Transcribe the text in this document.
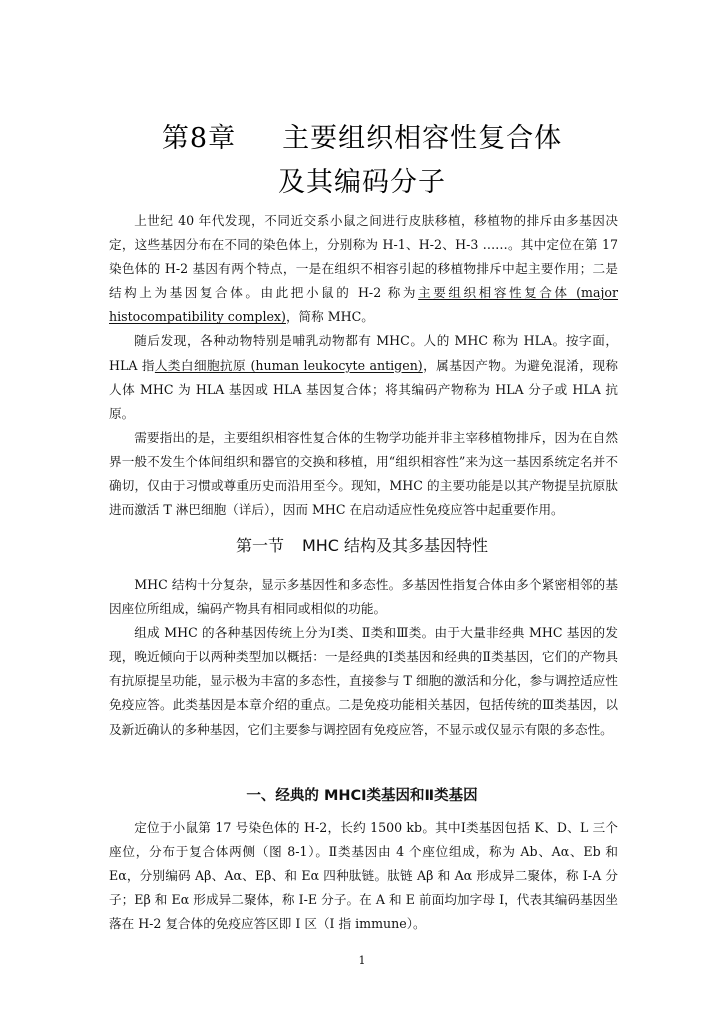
第8章 主要组织相容性复合体
及其编码分子

上世纪 40 年代发现，不同近交系小鼠之间进行皮肤移植，移植物的排斥由多基因决定，这些基因分布在不同的染色体上，分别称为 H-1、H-2、H-3 ……。其中定位在第 17 染色体的 H-2 基因有两个特点，一是在组织不相容引起的移植物排斥中起主要作用；二是结构上为基因复合体。由此把小鼠的 H-2 称为主要组织相容性复合体 (major histocompatibility complex)，简称 MHC。

随后发现，各种动物特别是哺乳动物都有 MHC。人的 MHC 称为 HLA。按字面，HLA 指人类白细胞抗原 (human leukocyte antigen)，属基因产物。为避免混淆，现称人体 MHC 为 HLA 基因或 HLA 基因复合体；将其编码产物称为 HLA 分子或 HLA 抗原。

需要指出的是，主要组织相容性复合体的生物学功能并非主宰移植物排斥，因为在自然界一般不发生个体间组织和器官的交换和移植，用“组织相容性”来为这一基因系统定名并不确切，仅由于习惯或尊重历史而沿用至今。现知，MHC 的主要功能是以其产物提呈抗原肽进而激活 T 淋巴细胞（详后），因而 MHC 在启动适应性免疫应答中起重要作用。

第一节 MHC 结构及其多基因特性

MHC 结构十分复杂，显示多基因性和多态性。多基因性指复合体由多个紧密相邻的基因座位所组成，编码产物具有相同或相似的功能。

组成 MHC 的各种基因传统上分为Ⅰ类、Ⅱ类和Ⅲ类。由于大量非经典 MHC 基因的发现，晚近倾向于以两种类型加以概括：一是经典的Ⅰ类基因和经典的Ⅱ类基因，它们的产物具有抗原提呈功能，显示极为丰富的多态性，直接参与 T 细胞的激活和分化，参与调控适应性免疫应答。此类基因是本章介绍的重点。二是免疫功能相关基因，包括传统的Ⅲ类基因，以及新近确认的多种基因，它们主要参与调控固有免疫应答，不显示或仅显示有限的多态性。

一、经典的 MHCⅠ类基因和Ⅱ类基因

定位于小鼠第 17 号染色体的 H-2，长约 1500 kb。其中Ⅰ类基因包括 K、D、L 三个座位，分布于复合体两侧（图 8-1）。Ⅱ类基因由 4 个座位组成，称为 Ab、Aα、Eb 和 Eα，分别编码 Aβ、Aα、Eβ、和 Eα 四种肽链。肽链 Aβ 和 Aα 形成异二聚体，称 I-A 分子；Eβ 和 Eα 形成异二聚体，称 I-E 分子。在 A 和 E 前面均加字母 I，代表其编码基因坐落在 H-2 复合体的免疫应答区即 I 区（I 指 immune）。

1
